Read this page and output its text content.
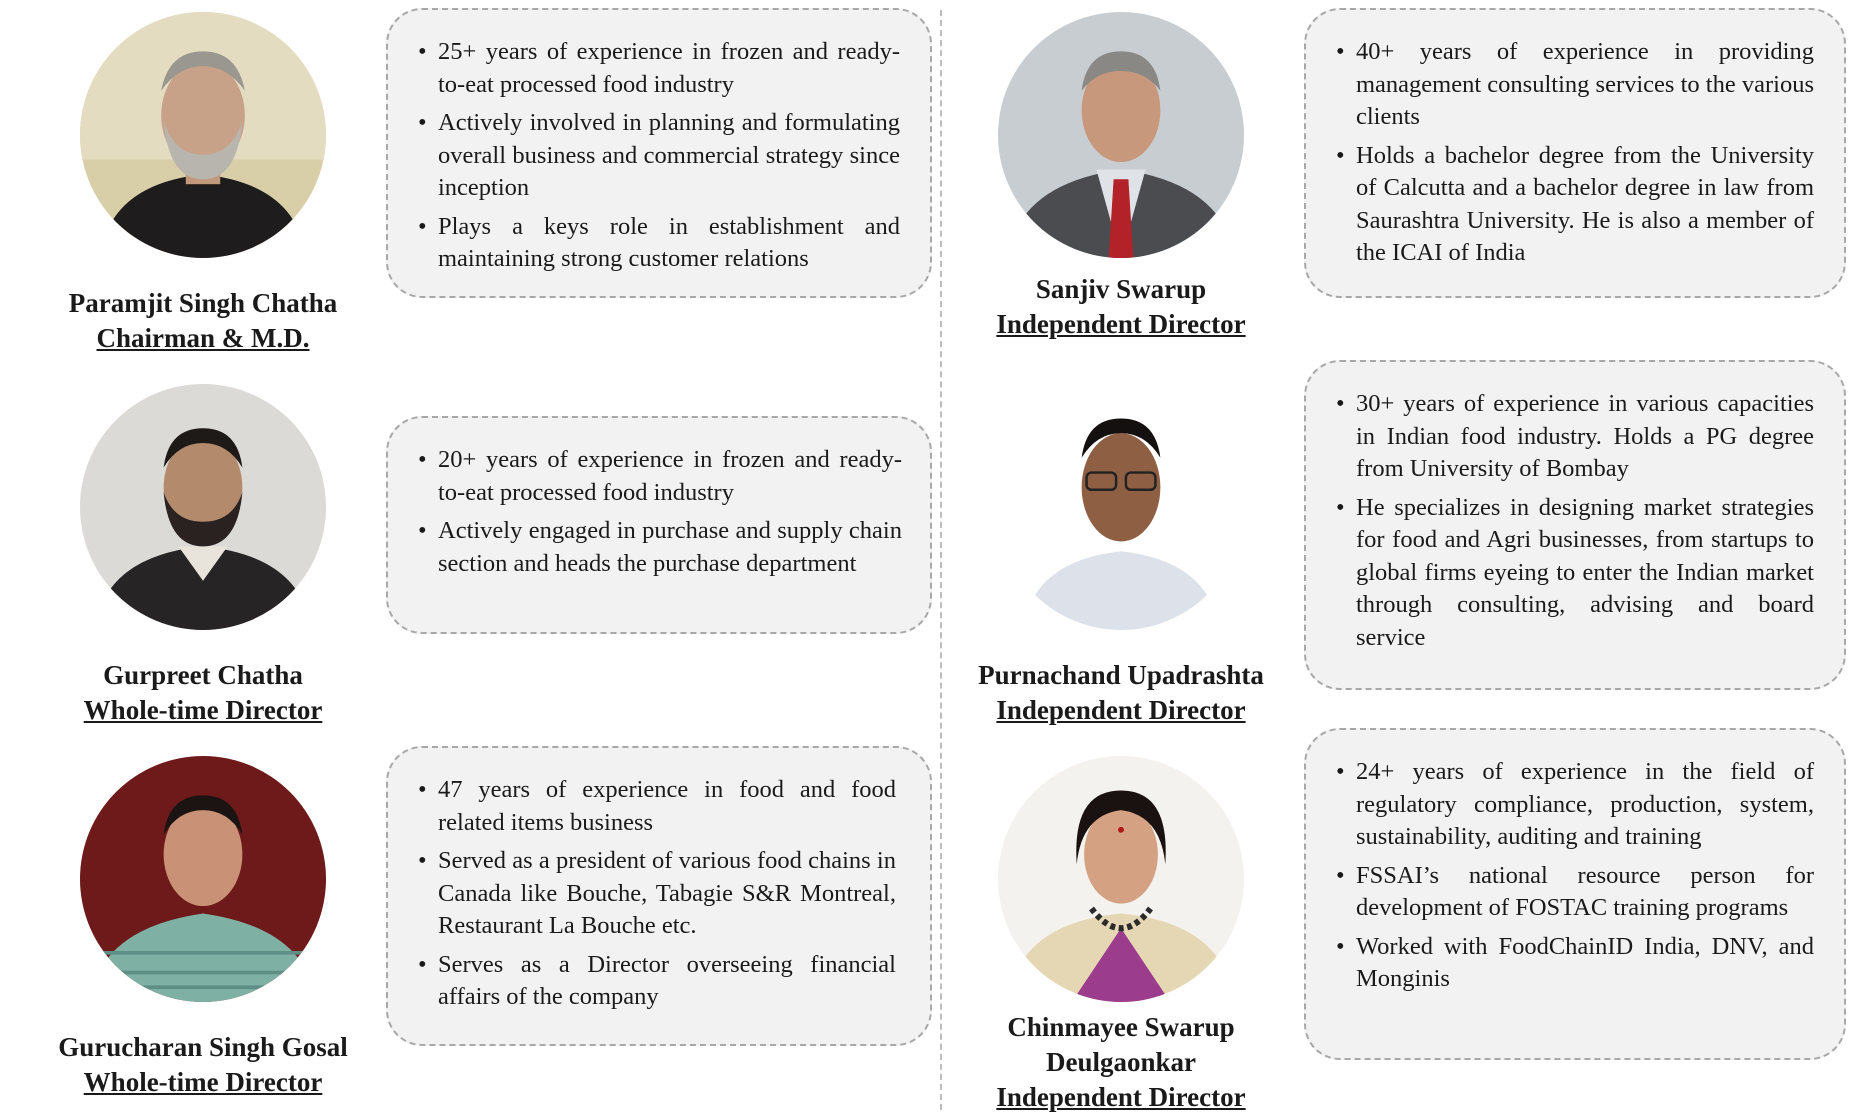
Paramjit Singh Chatha
Chairman & M.D.
• 25+ years of experience in frozen and ready-to-eat processed food industry
• Actively involved in planning and formulating overall business and commercial strategy since inception
• Plays a keys role in establishment and maintaining strong customer relations
Gurpreet Chatha
Whole-time Director
• 20+ years of experience in frozen and ready-to-eat processed food industry
• Actively engaged in purchase and supply chain section and heads the purchase department
Gurucharan Singh Gosal
Whole-time Director
• 47 years of experience in food and food related items business
• Served as a president of various food chains in Canada like Bouche, Tabagie S&R Montreal, Restaurant La Bouche etc.
• Serves as a Director overseeing financial affairs of the company
Sanjiv Swarup
Independent Director
• 40+ years of experience in providing management consulting services to the various clients
• Holds a bachelor degree from the University of Calcutta and a bachelor degree in law from Saurashtra University. He is also a member of the ICAI of India
Purnachand Upadrashta
Independent Director
• 30+ years of experience in various capacities in Indian food industry. Holds a PG degree from University of Bombay
• He specializes in designing market strategies for food and Agri businesses, from startups to global firms eyeing to enter the Indian market through consulting, advising and board service
Chinmayee Swarup
Deulgaonkar
Independent Director
• 24+ years of experience in the field of regulatory compliance, production, system, sustainability, auditing and training
• FSSAI’s national resource person for development of FOSTAC training programs
• Worked with FoodChainID India, DNV, and Monginis
